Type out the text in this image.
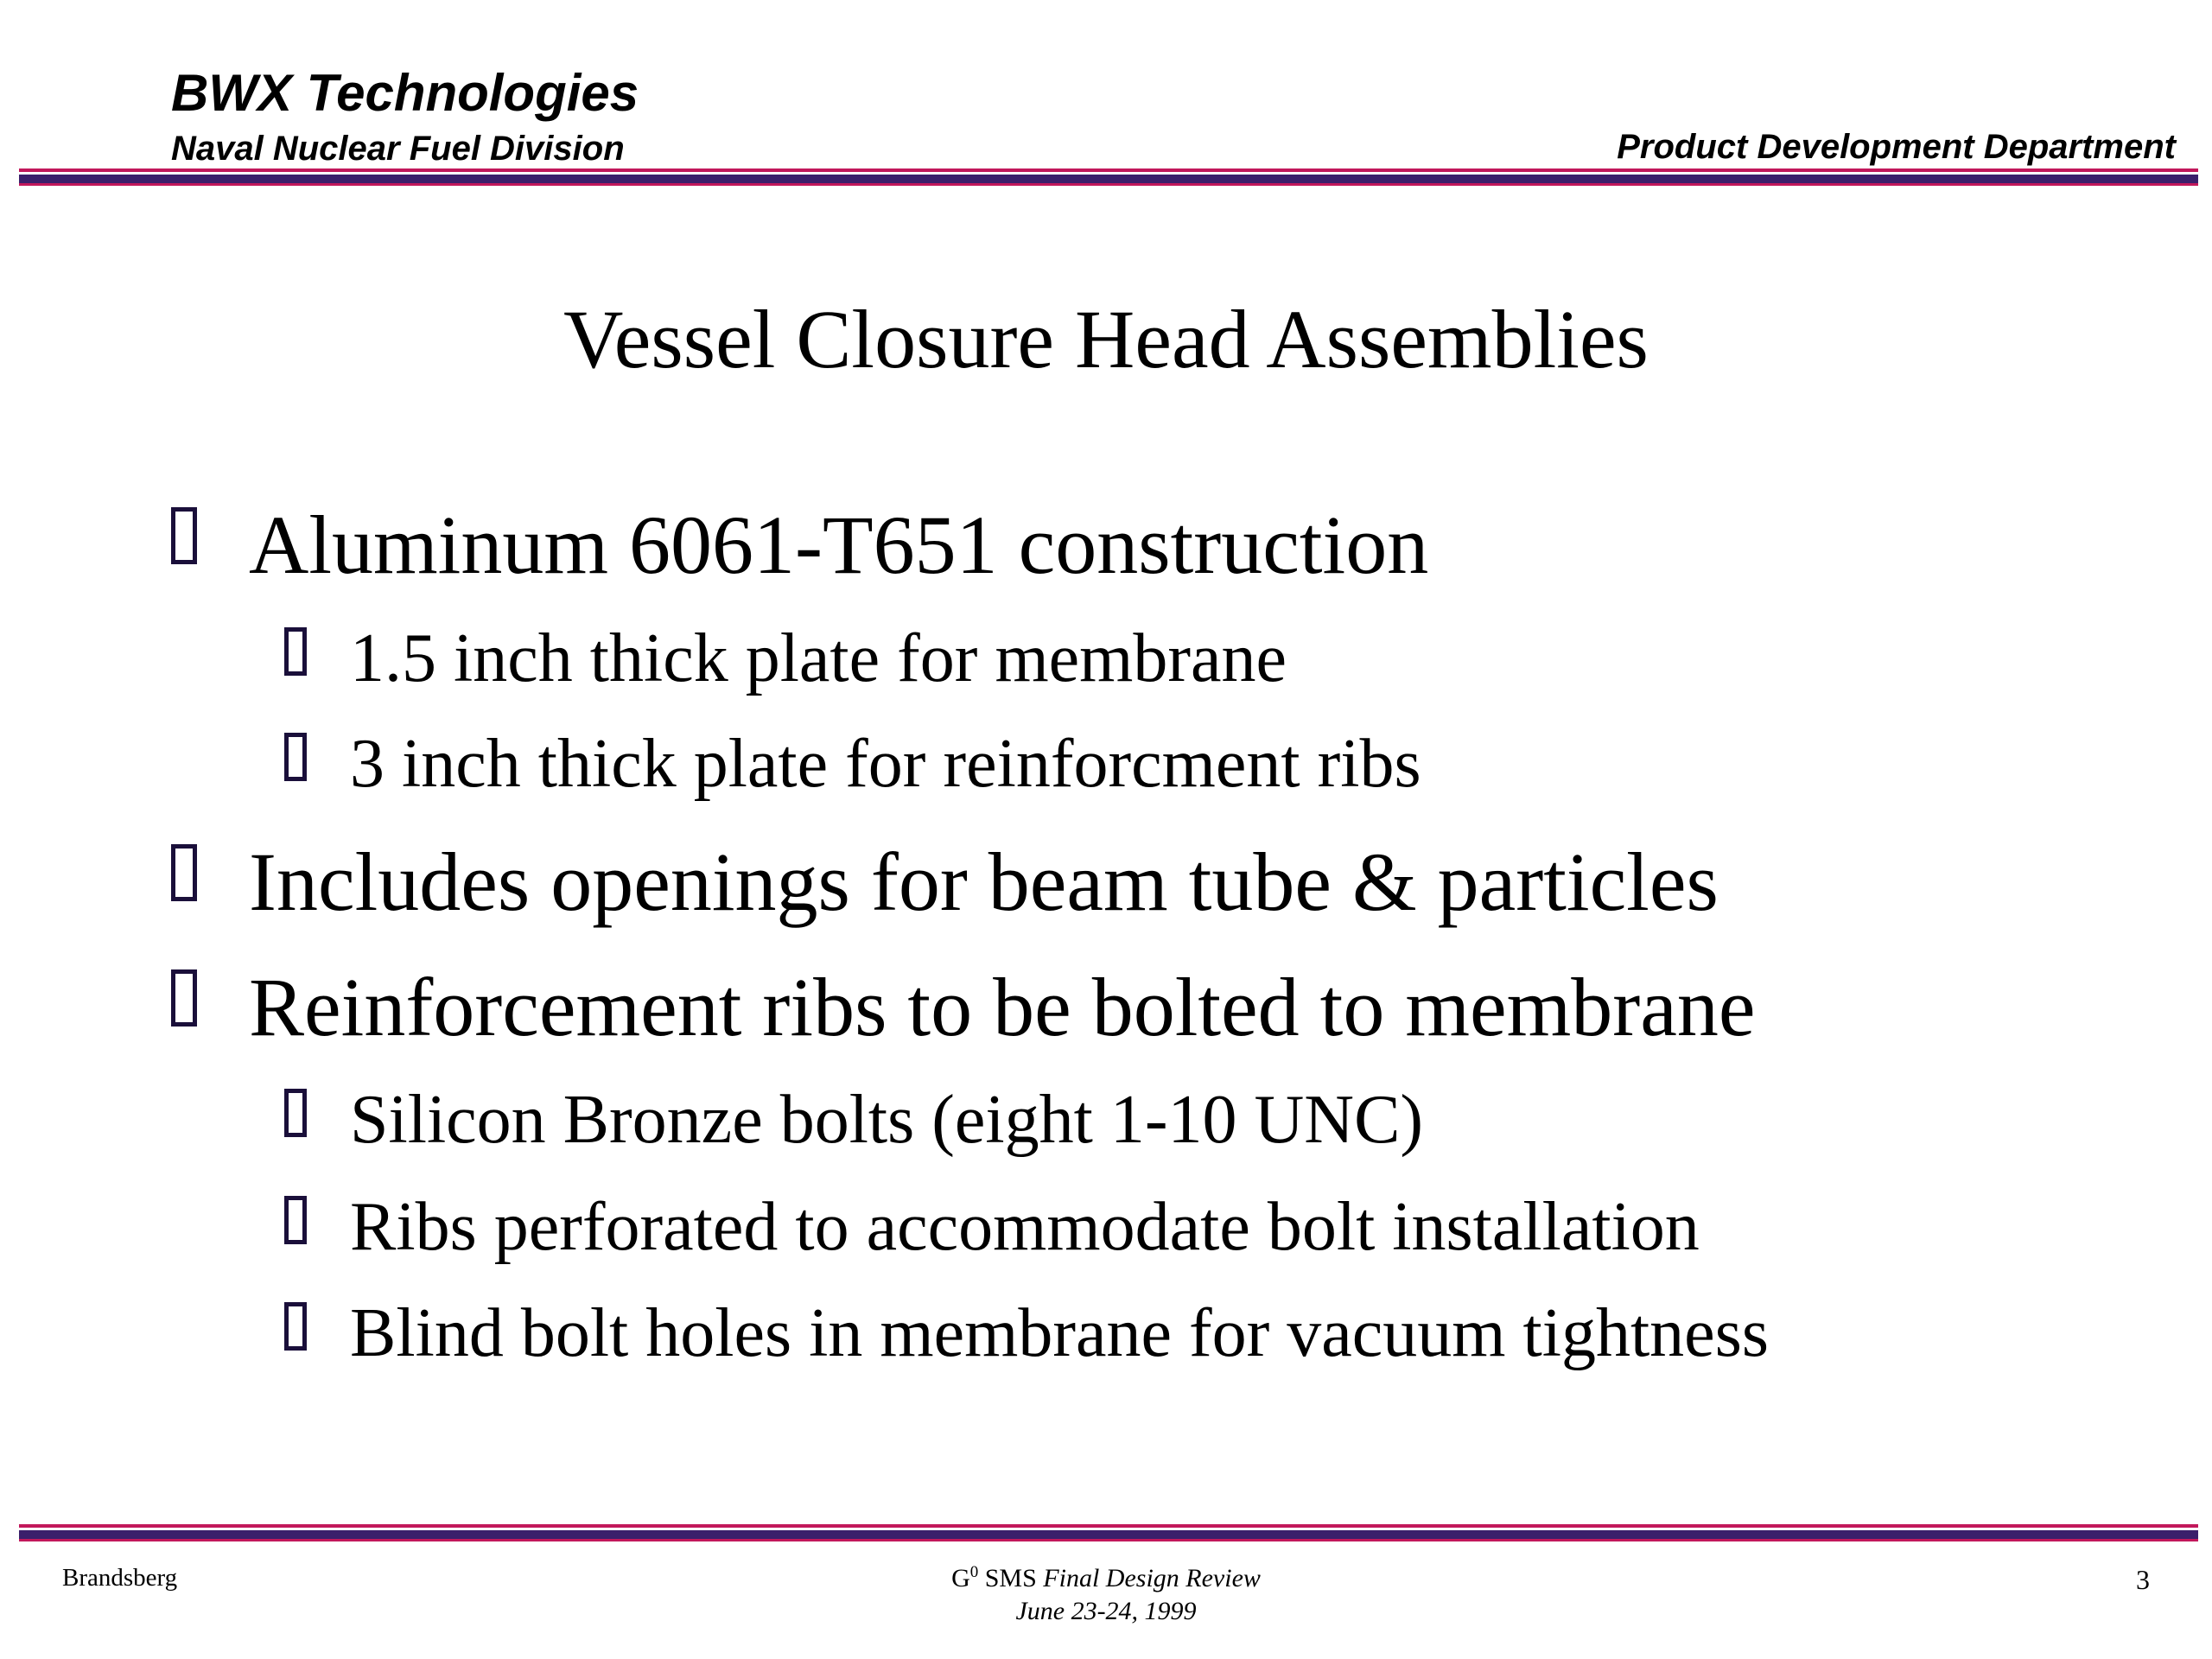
BWX Technologies
Naval Nuclear Fuel Division	Product Development Department
Vessel Closure Head Assemblies
Aluminum 6061-T651 construction
1.5 inch thick plate for membrane
3 inch thick plate for reinforcment ribs
Includes openings for beam tube & particles
Reinforcement ribs to be bolted to membrane
Silicon Bronze bolts (eight 1-10 UNC)
Ribs perforated to accommodate bolt installation
Blind bolt holes in membrane for vacuum tightness
Brandsberg	$G^0$ SMS Final Design Review
June 23-24, 1999
3
